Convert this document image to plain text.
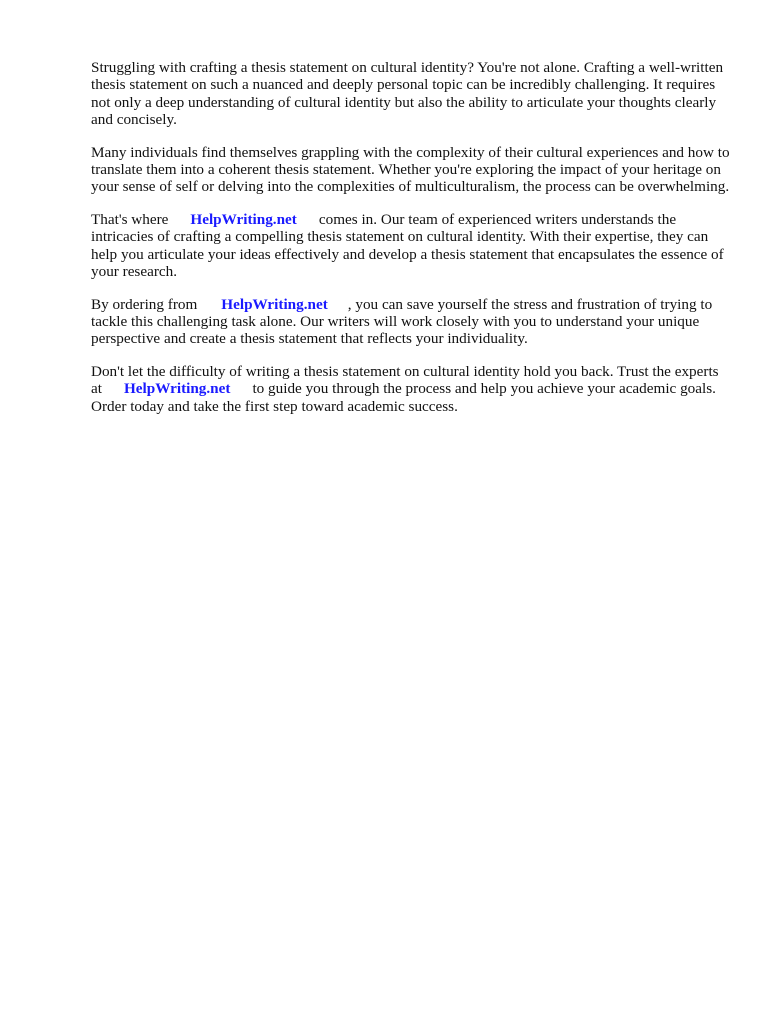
Struggling with crafting a thesis statement on cultural identity? You're not alone. Crafting a well-written thesis statement on such a nuanced and deeply personal topic can be incredibly challenging. It requires not only a deep understanding of cultural identity but also the ability to articulate your thoughts clearly and concisely.

Many individuals find themselves grappling with the complexity of their cultural experiences and how to translate them into a coherent thesis statement. Whether you're exploring the impact of your heritage on your sense of self or delving into the complexities of multiculturalism, the process can be overwhelming.

That's where HelpWriting.net comes in. Our team of experienced writers understands the intricacies of crafting a compelling thesis statement on cultural identity. With their expertise, they can help you articulate your ideas effectively and develop a thesis statement that encapsulates the essence of your research.

By ordering from HelpWriting.net , you can save yourself the stress and frustration of trying to tackle this challenging task alone. Our writers will work closely with you to understand your unique perspective and create a thesis statement that reflects your individuality.

Don't let the difficulty of writing a thesis statement on cultural identity hold you back. Trust the experts at HelpWriting.net to guide you through the process and help you achieve your academic goals. Order today and take the first step toward academic success.
